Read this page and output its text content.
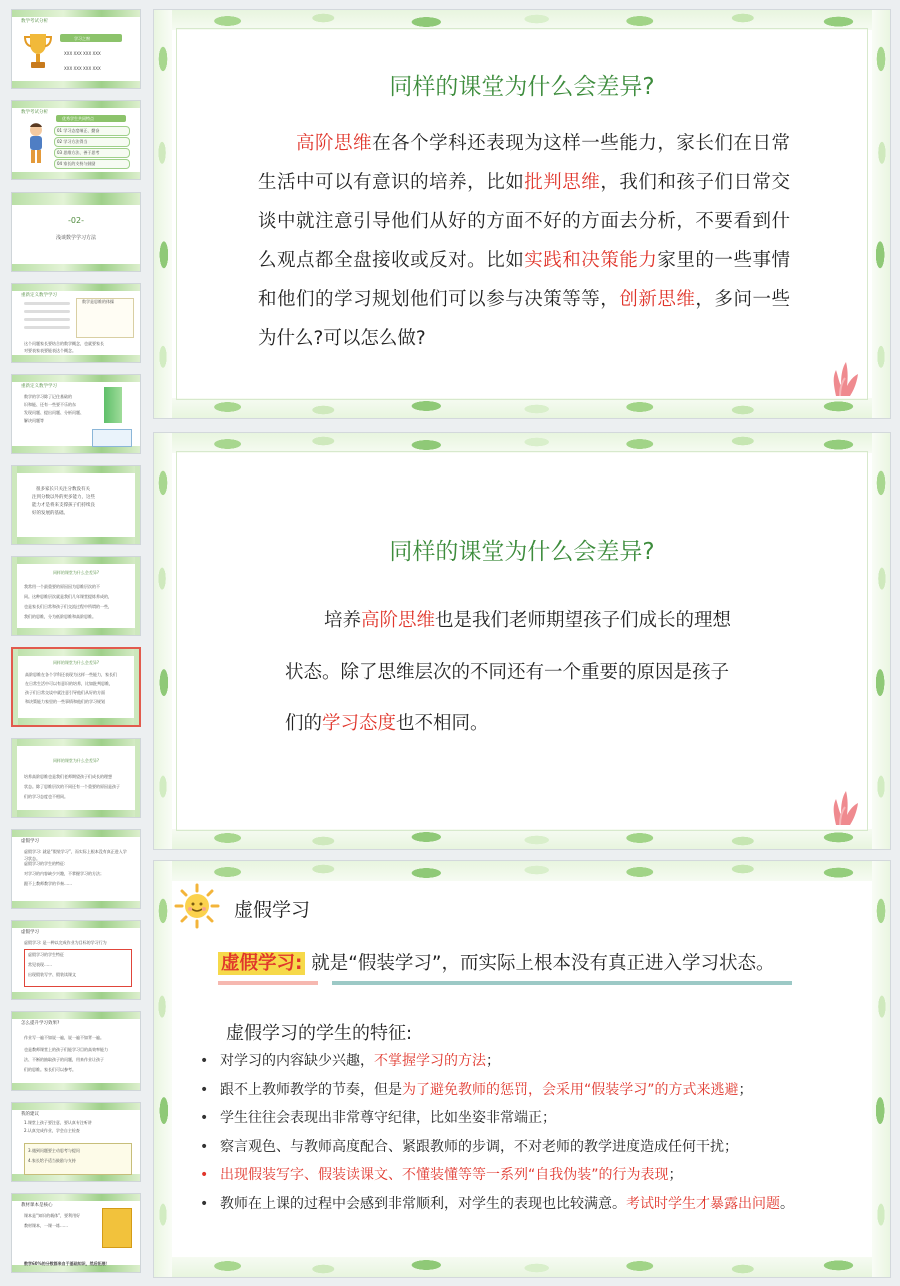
数学考试分析
学习之窗
XXX XXX XXX XXX
XXX XXX XXX XXX
数学考试分析
优秀学生共同特点
01 学习态度端正、勤奋
02 学习方法得当
03 思维方法、善于思考
04 家长的支持与鼓励
-02-
浅谈数学学习方法
重新定义数学学习
数学是思维的体操
这个问题家长要结合的数学概念，也就要家长
对要表家表要能表达个概念。
重新定义数学学习
数学的学习除了记住基础的
识和能、还有一些要不乐的东
发现问题、提出问题、分析问题、
解决问题等
很多家长只关注分数没有关
注到分数以外的更多能力，这些
能力才是将来支撑孩子们持续良
好的发展的基础。
同样的课堂为什么会差异?
我常用一个最重要的原因因为思维层次的不
同。这种思维层次就是我们几年课堂提炼养成的，
也是家长们日常和孩子们交流过程中所谓的一些，
我们的思维，分为低阶思维和高阶思维。
同样的课堂为什么会差异?
高阶思维在各个学科还表现为这样一些能力，家长们
在日常生活中可以有意识的培养，比如批判思维，
孩子们日常交谈中就注意引导他们从好的方面
和决策能力家里的一些事情和他们的学习规划
同样的课堂为什么会差异?
培养高阶思维也是我们老师期望孩子们成长的理想
状态。除了思维层次的不同还有一个重要的原因是孩子
们的学习态度也不相同。
虚假学习
虚假学习: 就是“假装学习”，而实际上根本没有真正进入学习状态。
虚假学习的学生的特征:
对学习的内容缺少兴趣，不掌握学习的方法；
跟不上教师教学的节奏……
虚假学习
虚假学习: 是一种以完成作业为目标的学习行为
虚假学习的学生特征
常见表现……
出现假装写字、假装读课文
怎么提升学习效果?
作业写一遍不如说一遍，说一遍不如背一遍。
也是教师课堂上的孩子们能学习目的高效率能力
法、不断的抽取孩子的问题，用来作业让孩子
们的思维。家长们可以参考。
我的建议
1.课堂上孩子要注意，要认真专注听讲
2.认真完成作业，学会自主检查
3.遇到问题要主动思考与提问
4.家长给予适当鼓励与支持
教材课本是核心
课本是“知识的载体”，要利用好
教材课本，一课一练……
数学60%的分数都来自于基础知识，然后拓展！
同样的课堂为什么会差异?
高阶思维在各个学科还表现为这样一些能力，家长们在日常生活中可以有意识的培养，比如批判思维，我们和孩子们日常交谈中就注意引导他们从好的方面不好的方面去分析，不要看到什么观点都全盘接收或反对。比如实践和决策能力家里的一些事情和他们的学习规划他们可以参与决策等等，创新思维，多问一些为什么?可以怎么做?
同样的课堂为什么会差异?
培养高阶思维也是我们老师期望孩子们成长的理想
状态。除了思维层次的不同还有一个重要的原因是孩子
们的学习态度也不相同。
虚假学习
虚假学习: 就是“假装学习”，而实际上根本没有真正进入学习状态。
虚假学习的学生的特征:
• 对学习的内容缺少兴趣，不掌握学习的方法；
• 跟不上教师教学的节奏，但是为了避免教师的惩罚，会采用“假装学习”的方式来逃避；
• 学生往往会表现出非常尊守纪律，比如坐姿非常端正；
• 察言观色、与教师高度配合、紧跟教师的步调，不对老师的教学进度造成任何干扰；
• 出现假装写字、假装读课文、不懂装懂等等一系列“自我伪装”的行为表现；
• 教师在上课的过程中会感到非常顺利，对学生的表现也比较满意。考试时学生才暴露出问题。
